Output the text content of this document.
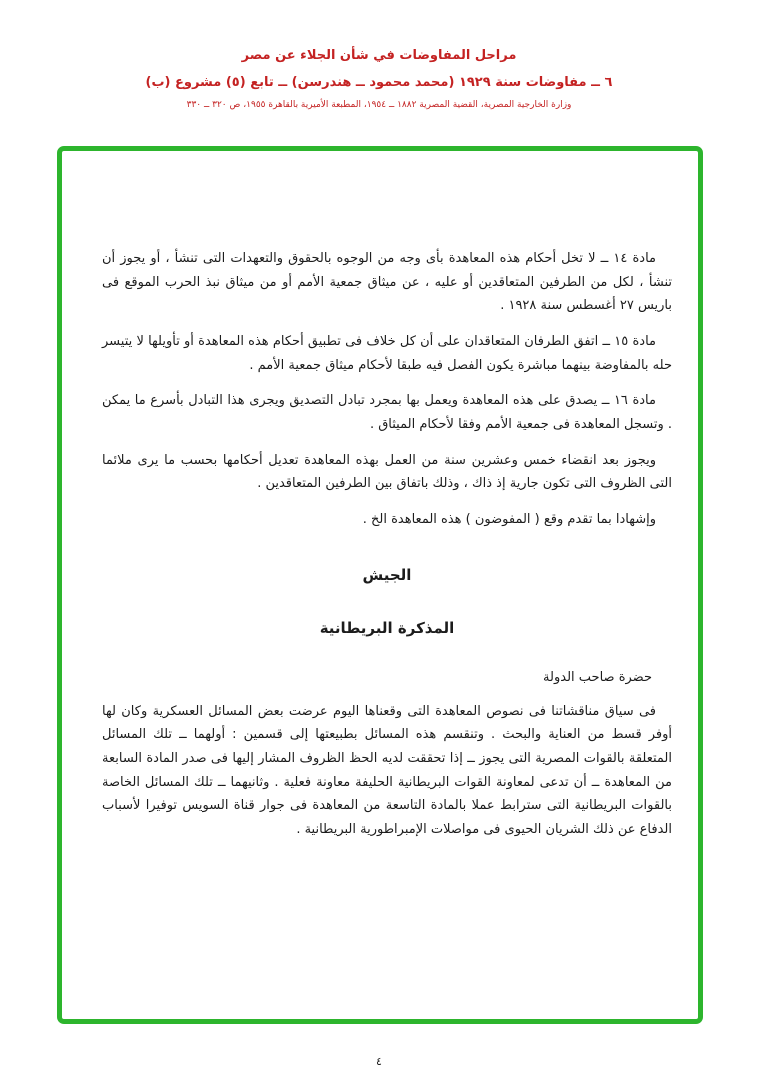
مراحل المفاوضات في شأن الجلاء عن مصر
٦ ــ مفاوضات سنة ١٩٢٩ (محمد محمود ــ هندرسن) ــ تابع (٥) مشروع (ب)
وزارة الخارجية المصرية، القضية المصرية ١٨٨٢ ــ ١٩٥٤، المطبعة الأميرية بالقاهرة ١٩٥٥، ص ٣٢٠ ــ ٣٣٠

مادة ١٤ ــ لا تخل أحكام هذه المعاهدة بأى وجه من الوجوه بالحقوق والتعهدات التى تنشأ ، أو يجوز أن تنشأ ، لكل من الطرفين المتعاقدين أو عليه ، عن ميثاق جمعية الأمم أو من ميثاق نبذ الحرب الموقع فى باريس ٢٧ أغسطس سنة ١٩٢٨ .

مادة ١٥ ــ اتفق الطرفان المتعاقدان على أن كل خلاف فى تطبيق أحكام هذه المعاهدة أو تأويلها لا يتيسر حله بالمفاوضة بينهما مباشرة يكون الفصل فيه طبقا لأحكام ميثاق جمعية الأمم .

مادة ١٦ ــ يصدق على هذه المعاهدة ويعمل بها بمجرد تبادل التصديق ويجرى هذا التبادل بأسرع ما يمكن . وتسجل المعاهدة فى جمعية الأمم وفقا لأحكام الميثاق .

ويجوز بعد انقضاء خمس وعشرين سنة من العمل بهذه المعاهدة تعديل أحكامها بحسب ما يرى ملائما التى الظروف التى تكون جارية إذ ذاك ، وذلك باتفاق بين الطرفين المتعاقدين .

وإشهادا بما تقدم وقع ( المفوضون ) هذه المعاهدة الخ .

الجيش
المذكرة البريطانية

حضرة صاحب الدولة

فى سياق مناقشاتنا فى نصوص المعاهدة التى وقعناها اليوم عرضت بعض المسائل العسكرية وكان لها أوفر قسط من العناية والبحث . وتنقسم هذه المسائل بطبيعتها إلى قسمين : أولهما ــ تلك المسائل المتعلقة بالقوات المصرية التى يجوز ــ إذا تحققت لديه الحظ الظروف المشار إليها فى صدر المادة السابعة من المعاهدة ــ أن تدعى لمعاونة القوات البريطانية الحليفة معاونة فعلية . وثانيهما ــ تلك المسائل الخاصة بالقوات البريطانية التى سترابط عملا بالمادة التاسعة من المعاهدة فى جوار قناة السويس توفيرا لأسباب الدفاع عن ذلك الشريان الحيوى فى مواصلات الإمبراطورية البريطانية .

٤
